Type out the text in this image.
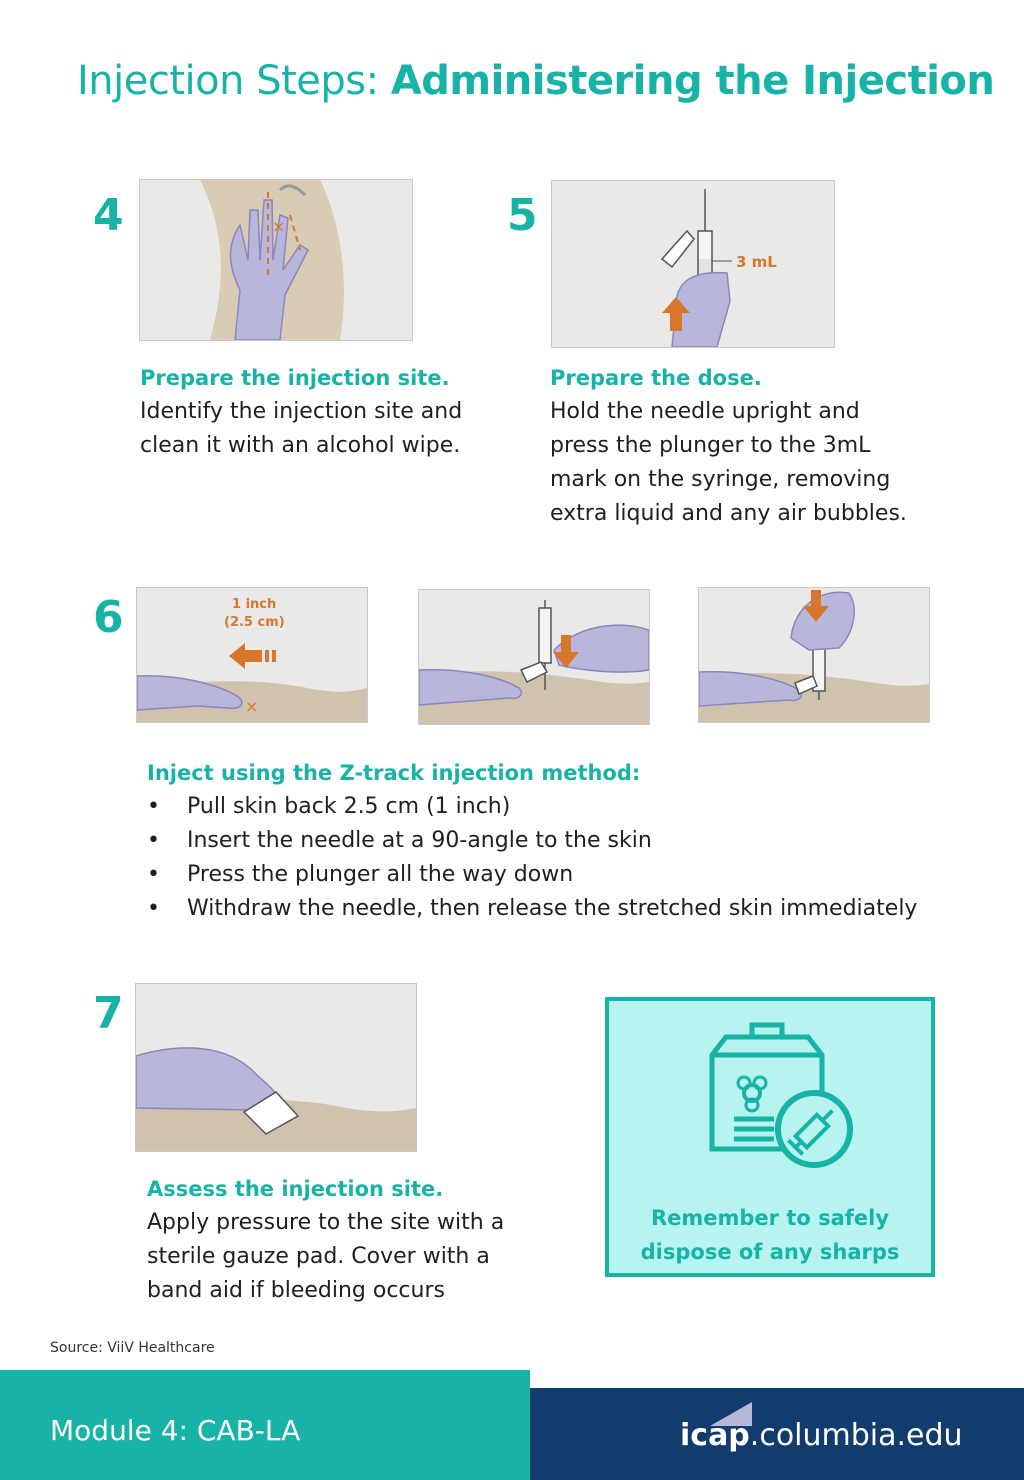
Injection Steps: Administering the Injection
4	×
Prepare the injection site.
Identify the injection site and
clean it with an alcohol wipe.
5
3 mL
Prepare the dose.
Hold the needle upright and
press the plunger to the 3mL
mark on the syringe, removing
extra liquid and any air bubbles.
6	1 inch
(2.5 cm)
×
Inject using the Z-track injection method:
• Pull skin back 2.5 cm (1 inch)
• Insert the needle at a 90-angle to the skin
• Press the plunger all the way down
• Withdraw the needle, then release the stretched skin immediately
7
Assess the injection site.
Apply pressure to the site with a
sterile gauze pad. Cover with a
band aid if bleeding occurs
Remember to safely
dispose of any sharps
Source: ViiV Healthcare
Module 4: CAB-LA	icap.columbia.edu
